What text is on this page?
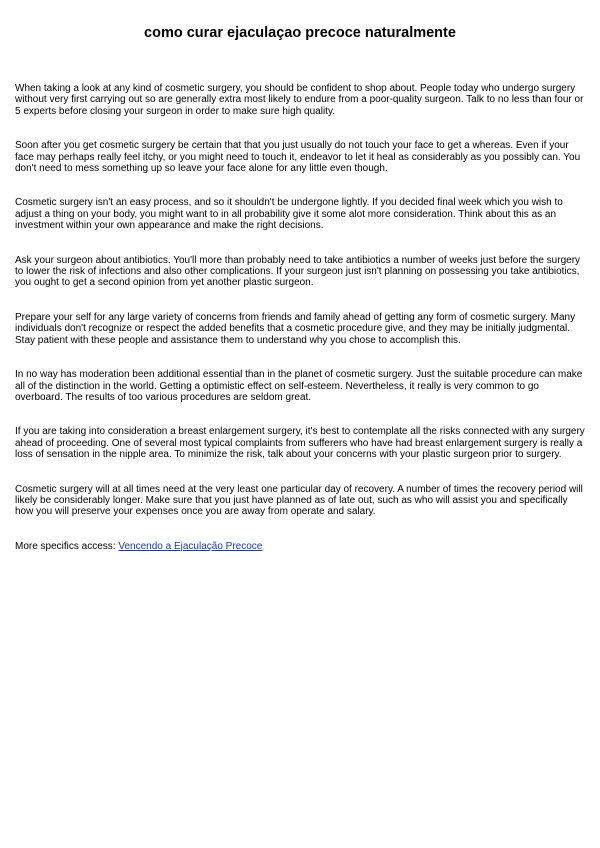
como curar ejaculaçao precoce naturalmente

When taking a look at any kind of cosmetic surgery, you should be confident to shop about. People today who undergo surgery without very first carrying out so are generally extra most likely to endure from a poor-quality surgeon. Talk to no less than four or 5 experts before closing your surgeon in order to make sure high quality.

Soon after you get cosmetic surgery be certain that that you just usually do not touch your face to get a whereas. Even if your face may perhaps really feel itchy, or you might need to touch it, endeavor to let it heal as considerably as you possibly can. You don't need to mess something up so leave your face alone for any little even though.

Cosmetic surgery isn't an easy process, and so it shouldn't be undergone lightly. If you decided final week which you wish to adjust a thing on your body, you might want to in all probability give it some alot more consideration. Think about this as an investment within your own appearance and make the right decisions.

Ask your surgeon about antibiotics. You'll more than probably need to take antibiotics a number of weeks just before the surgery to lower the risk of infections and also other complications. If your surgeon just isn't planning on possessing you take antibiotics, you ought to get a second opinion from yet another plastic surgeon.

Prepare your self for any large variety of concerns from friends and family ahead of getting any form of cosmetic surgery. Many individuals don't recognize or respect the added benefits that a cosmetic procedure give, and they may be initially judgmental. Stay patient with these people and assistance them to understand why you chose to accomplish this.

In no way has moderation been additional essential than in the planet of cosmetic surgery. Just the suitable procedure can make all of the distinction in the world. Getting a optimistic effect on self-esteem. Nevertheless, it really is very common to go overboard. The results of too various procedures are seldom great.

If you are taking into consideration a breast enlargement surgery, it's best to contemplate all the risks connected with any surgery ahead of proceeding. One of several most typical complaints from sufferers who have had breast enlargement surgery is really a loss of sensation in the nipple area. To minimize the risk, talk about your concerns with your plastic surgeon prior to surgery.

Cosmetic surgery will at all times need at the very least one particular day of recovery. A number of times the recovery period will likely be considerably longer. Make sure that you just have planned as of late out, such as who will assist you and specifically how you will preserve your expenses once you are away from operate and salary.

More specifics access: Vencendo a Ejaculação Precoce
